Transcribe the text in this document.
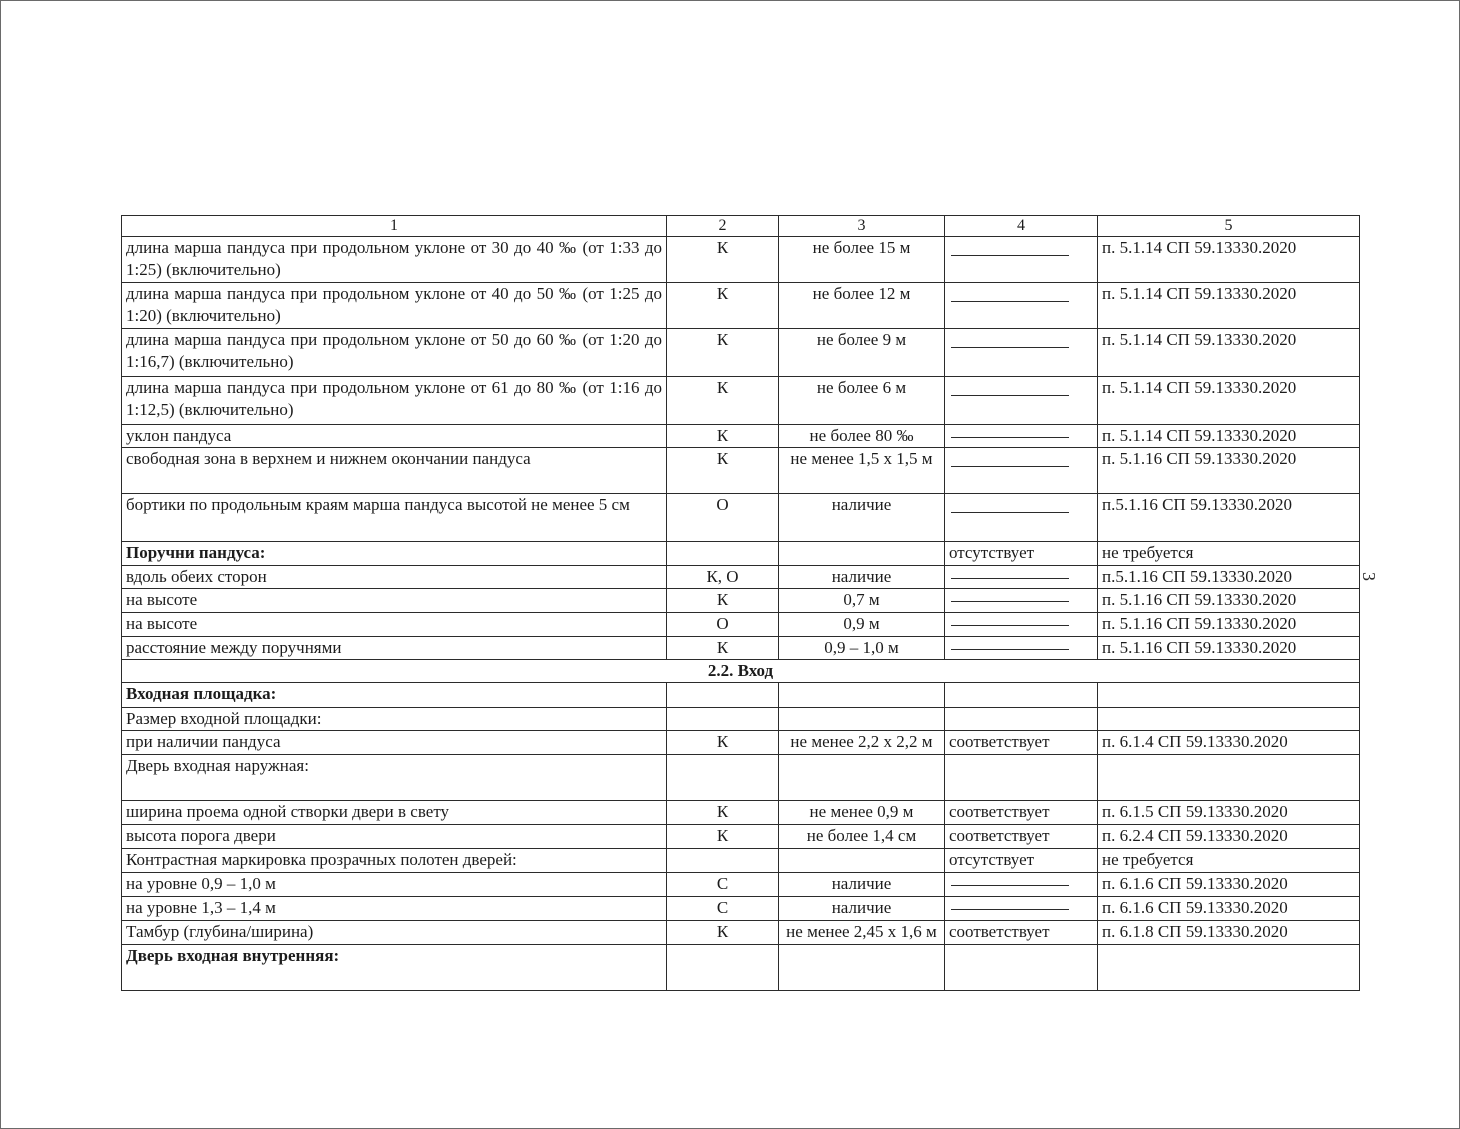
1	2	3	4	5
длина марша пандуса при продольном уклоне от 30 до 40 ‰ (от 1:33 до 1:25) (включительно)	К	не более 15 м		п. 5.1.14 СП 59.13330.2020
длина марша пандуса при продольном уклоне от 40 до 50 ‰ (от 1:25 до 1:20) (включительно)	К	не более 12 м		п. 5.1.14 СП 59.13330.2020
длина марша пандуса при продольном уклоне от 50 до 60 ‰ (от 1:20 до 1:16,7) (включительно)	К	не более 9 м		п. 5.1.14 СП 59.13330.2020
длина марша пандуса при продольном уклоне от 61 до 80 ‰ (от 1:16 до 1:12,5) (включительно)	К	не более 6 м		п. 5.1.14 СП 59.13330.2020
уклон пандуса	К	не более 80 ‰		п. 5.1.14 СП 59.13330.2020
свободная зона в верхнем и нижнем окончании пандуса	К	не менее 1,5 х 1,5 м		п. 5.1.16 СП 59.13330.2020
бортики по продольным краям марша пандуса высотой не менее 5 см	О	наличие		п.5.1.16 СП 59.13330.2020
Поручни пандуса:			отсутствует	не требуется
вдоль обеих сторон	К, О	наличие		п.5.1.16 СП 59.13330.2020
на высоте	К	0,7 м		п. 5.1.16 СП 59.13330.2020
на высоте	О	0,9 м		п. 5.1.16 СП 59.13330.2020
расстояние между поручнями	К	0,9 – 1,0 м		п. 5.1.16 СП 59.13330.2020
2.2. Вход				
Входная площадка:				
Размер входной площадки:				
при наличии пандуса	К	не менее 2,2 х 2,2 м	соответствует	п. 6.1.4 СП 59.13330.2020
Дверь входная наружная:				
ширина проема одной створки двери в свету	К	не менее 0,9 м	соответствует	п. 6.1.5 СП 59.13330.2020
высота порога двери	К	не более 1,4 см	соответствует	п. 6.2.4 СП 59.13330.2020
Контрастная маркировка прозрачных полотен дверей:			отсутствует	не требуется
на уровне 0,9 – 1,0 м	С	наличие		п. 6.1.6 СП 59.13330.2020
на уровне 1,3 – 1,4 м	С	наличие		п. 6.1.6 СП 59.13330.2020
Тамбур (глубина/ширина)	К	не менее 2,45 х 1,6 м	соответствует	п. 6.1.8 СП 59.13330.2020
Дверь входная внутренняя:				
3
